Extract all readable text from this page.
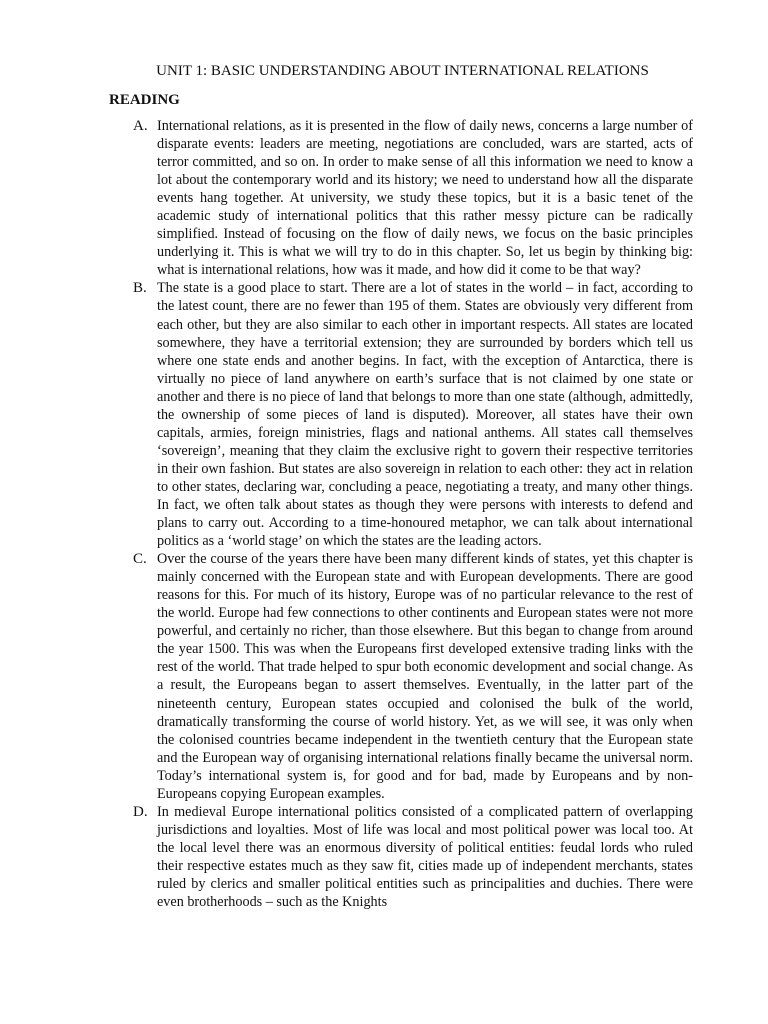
UNIT 1: BASIC UNDERSTANDING ABOUT INTERNATIONAL RELATIONS
READING
A. International relations, as it is presented in the flow of daily news, concerns a large number of disparate events: leaders are meeting, negotiations are concluded, wars are started, acts of terror committed, and so on. In order to make sense of all this information we need to know a lot about the contemporary world and its history; we need to understand how all the disparate events hang together. At university, we study these topics, but it is a basic tenet of the academic study of international politics that this rather messy picture can be radically simplified. Instead of focusing on the flow of daily news, we focus on the basic principles underlying it. This is what we will try to do in this chapter. So, let us begin by thinking big: what is international relations, how was it made, and how did it come to be that way?

B. The state is a good place to start. There are a lot of states in the world – in fact, according to the latest count, there are no fewer than 195 of them. States are obviously very different from each other, but they are also similar to each other in important respects. All states are located somewhere, they have a territorial extension; they are surrounded by borders which tell us where one state ends and another begins. In fact, with the exception of Antarctica, there is virtually no piece of land anywhere on earth’s surface that is not claimed by one state or another and there is no piece of land that belongs to more than one state (although, admittedly, the ownership of some pieces of land is disputed). Moreover, all states have their own capitals, armies, foreign ministries, flags and national anthems. All states call themselves ‘sovereign’, meaning that they claim the exclusive right to govern their respective territories in their own fashion. But states are also sovereign in relation to each other: they act in relation to other states, declaring war, concluding a peace, negotiating a treaty, and many other things. In fact, we often talk about states as though they were persons with interests to defend and plans to carry out. According to a time-honoured metaphor, we can talk about international politics as a ‘world stage’ on which the states are the leading actors.

C. Over the course of the years there have been many different kinds of states, yet this chapter is mainly concerned with the European state and with European developments. There are good reasons for this. For much of its history, Europe was of no particular relevance to the rest of the world. Europe had few connections to other continents and European states were not more powerful, and certainly no richer, than those elsewhere. But this began to change from around the year 1500. This was when the Europeans first developed extensive trading links with the rest of the world. That trade helped to spur both economic development and social change. As a result, the Europeans began to assert themselves. Eventually, in the latter part of the nineteenth century, European states occupied and colonised the bulk of the world, dramatically transforming the course of world history. Yet, as we will see, it was only when the colonised countries became independent in the twentieth century that the European state and the European way of organising international relations finally became the universal norm. Today’s international system is, for good and for bad, made by Europeans and by non-Europeans copying European examples.

D. In medieval Europe international politics consisted of a complicated pattern of overlapping jurisdictions and loyalties. Most of life was local and most political power was local too. At the local level there was an enormous diversity of political entities: feudal lords who ruled their respective estates much as they saw fit, cities made up of independent merchants, states ruled by clerics and smaller political entities such as principalities and duchies. There were even brotherhoods – such as the Knights
